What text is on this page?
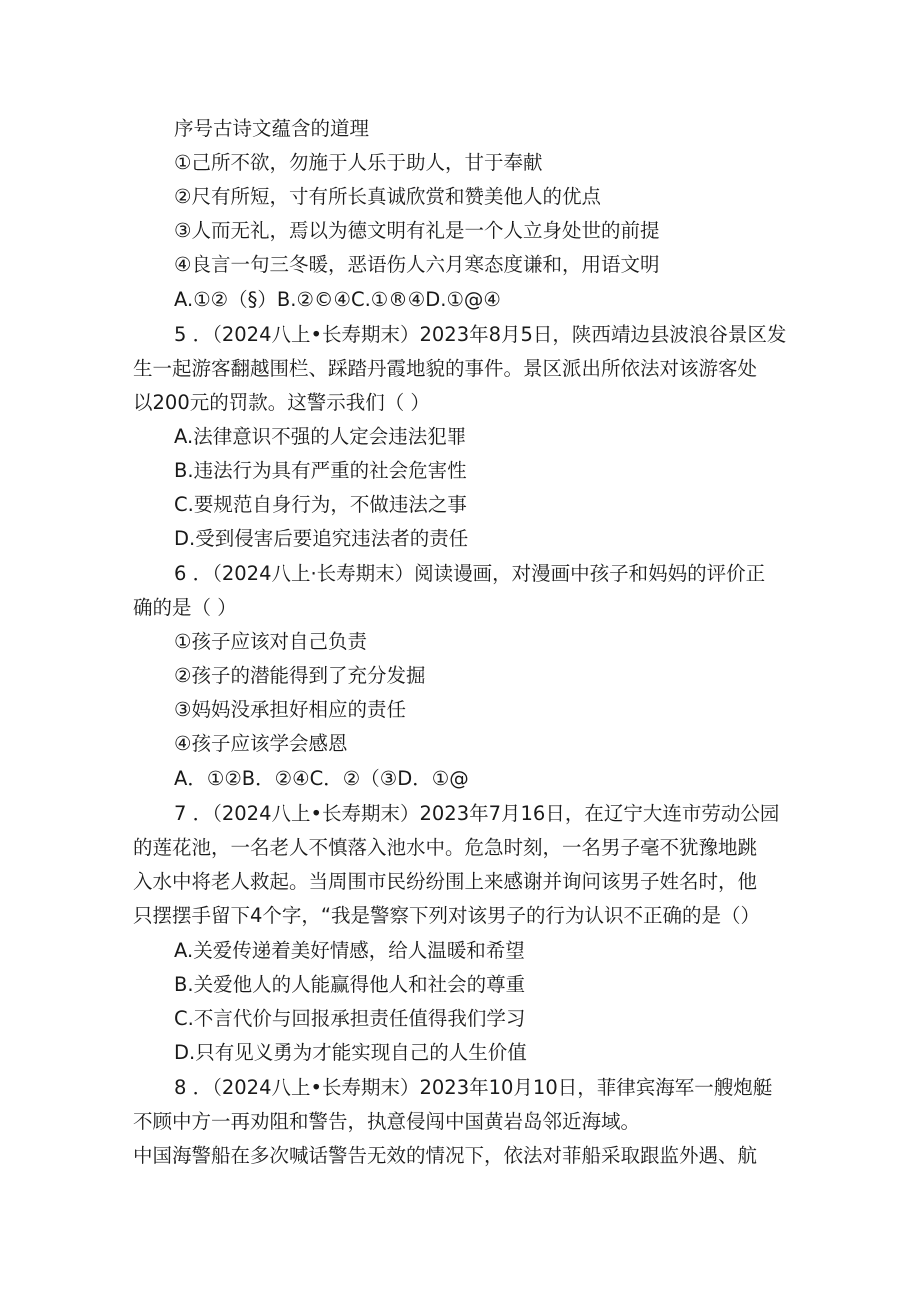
序号古诗文蕴含的道理
①己所不欲，勿施于人乐于助人，甘于奉献
②尺有所短，寸有所长真诚欣赏和赞美他人的优点
③人而无礼，焉以为德文明有礼是一个人立身处世的前提
④良言一句三冬暖，恶语伤人六月寒态度谦和，用语文明
A.①②（§）B.②©④C.①®④D.①@④
5 ．（2024八上•长寿期末）2023年8月5日，陕西靖边县波浪谷景区发
生一起游客翻越围栏、踩踏丹霞地貌的事件。景区派出所依法对该游客处
以200元的罚款。这警示我们（ ）
A.法律意识不强的人定会违法犯罪
B.违法行为具有严重的社会危害性
C.要规范自身行为，不做违法之事
D.受到侵害后要追究违法者的责任
6 ．（2024八上·长寿期末）阅读谩画，对漫画中孩子和妈妈的评价正
确的是（ ）
①孩子应该对自己负责
②孩子的潜能得到了充分发掘
③妈妈没承担好相应的责任
④孩子应该学会感恩
A．①②B．②④C．②（③D．①@
7 ．（2024八上•长寿期末）2023年7月16日，在辽宁大连市劳动公园
的莲花池，一名老人不慎落入池水中。危急时刻，一名男子毫不犹豫地跳
入水中将老人救起。当周围市民纷纷围上来感谢并询问该男子姓名时，他
只摆摆手留下4个字，“我是警察下列对该男子的行为认识不正确的是（）
A.关爱传递着美好情感，给人温暖和希望
B.关爱他人的人能赢得他人和社会的尊重
C.不言代价与回报承担责任值得我们学习
D.只有见义勇为才能实现自己的人生价值
8 ．（2024八上•长寿期末）2023年10月10日，菲律宾海军一艘炮艇
不顾中方一再劝阻和警告，执意侵闯中国黄岩岛邻近海域。
中国海警船在多次喊话警告无效的情况下，依法对菲船采取跟监外遇、航
